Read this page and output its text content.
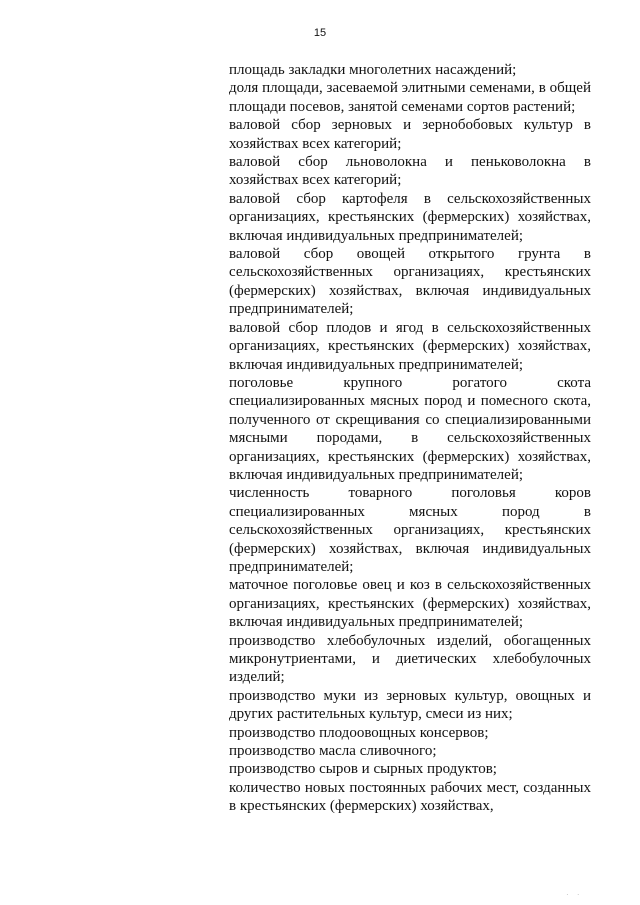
15

площадь закладки многолетних насаждений;

доля площади, засеваемой элитными семенами, в общей площади посевов, занятой семенами сортов растений;

валовой сбор зерновых и зернобобовых культур в хозяйствах всех категорий;

валовой сбор льноволокна и пеньковолокна в хозяйствах всех категорий;

валовой сбор картофеля в сельскохозяйственных организациях, крестьянских (фермерских) хозяйствах, включая индивидуальных предпринимателей;

валовой сбор овощей открытого грунта в сельскохозяйственных организациях, крестьянских (фермерских) хозяйствах, включая индивидуальных предпринимателей;

валовой сбор плодов и ягод в сельскохозяйственных организациях, крестьянских (фермерских) хозяйствах, включая индивидуальных предпринимателей;

поголовье крупного рогатого скота специализированных мясных пород и помесного скота, полученного от скрещивания со специализированными мясными породами, в сельскохозяйственных организациях, крестьянских (фермерских) хозяйствах, включая индивидуальных предпринимателей;

численность товарного поголовья коров специализированных мясных пород в сельскохозяйственных организациях, крестьянских (фермерских) хозяйствах, включая индивидуальных предпринимателей;

маточное поголовье овец и коз в сельскохозяйственных организациях, крестьянских (фермерских) хозяйствах, включая индивидуальных предпринимателей;

производство хлебобулочных изделий, обогащенных микронутриентами, и диетических хлебобулочных изделий;

производство муки из зерновых культур, овощных и других растительных культур, смеси из них;

производство плодоовощных консервов;

производство масла сливочного;

производство сыров и сырных продуктов;

количество новых постоянных рабочих мест, созданных в крестьянских (фермерских) хозяйствах,

· ·
